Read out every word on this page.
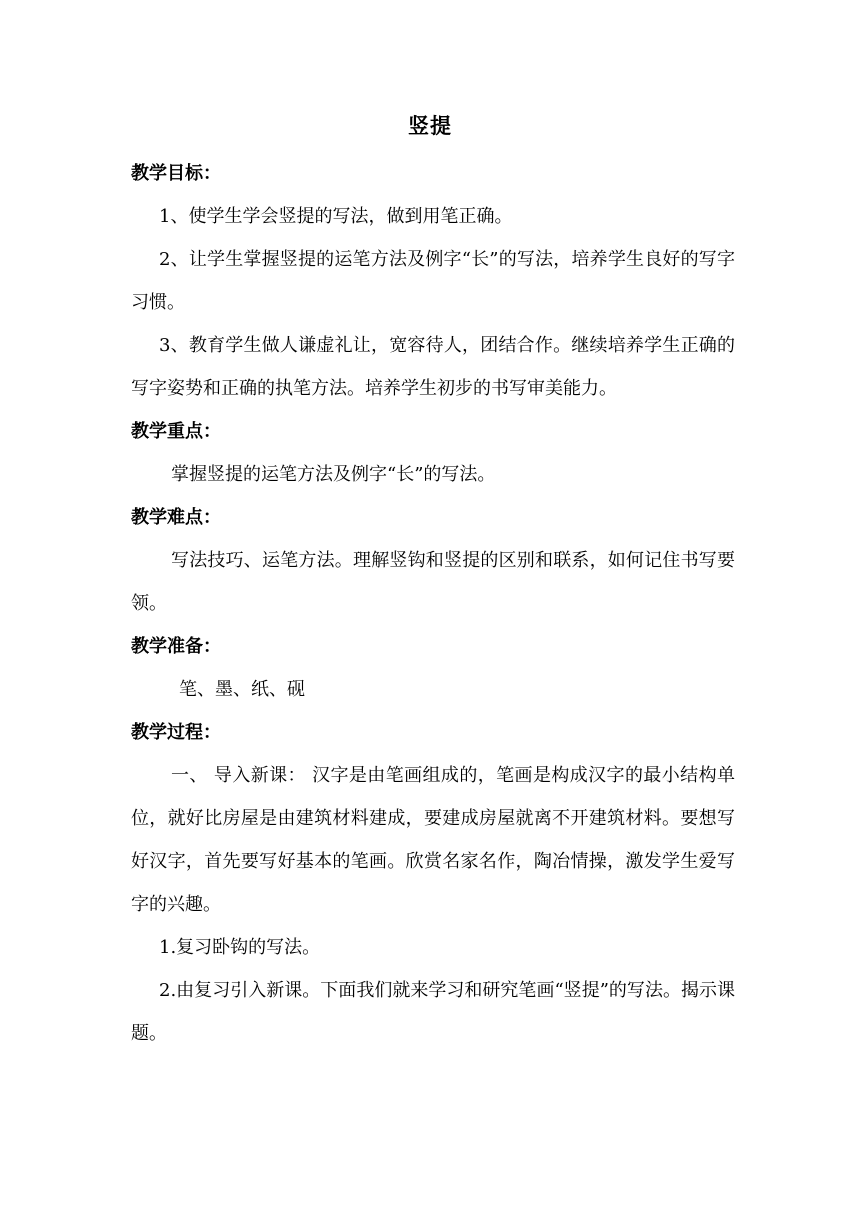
竖提

教学目标：

1、使学生学会竖提的写法，做到用笔正确。

2、让学生掌握竖提的运笔方法及例字“长”的写法，培养学生良好的写字习惯。

3、教育学生做人谦虚礼让，宽容待人，团结合作。继续培养学生正确的写字姿势和正确的执笔方法。培养学生初步的书写审美能力。

教学重点：

掌握竖提的运笔方法及例字“长”的写法。

教学难点：

写法技巧、运笔方法。理解竖钩和竖提的区别和联系，如何记住书写要领。

教学准备：

笔、墨、纸、砚

教学过程：

一、 导入新课： 汉字是由笔画组成的，笔画是构成汉字的最小结构单位，就好比房屋是由建筑材料建成，要建成房屋就离不开建筑材料。要想写好汉字，首先要写好基本的笔画。欣赏名家名作，陶冶情操，激发学生爱写字的兴趣。

1.复习卧钩的写法。

2.由复习引入新课。下面我们就来学习和研究笔画“竖提”的写法。揭示课题。
